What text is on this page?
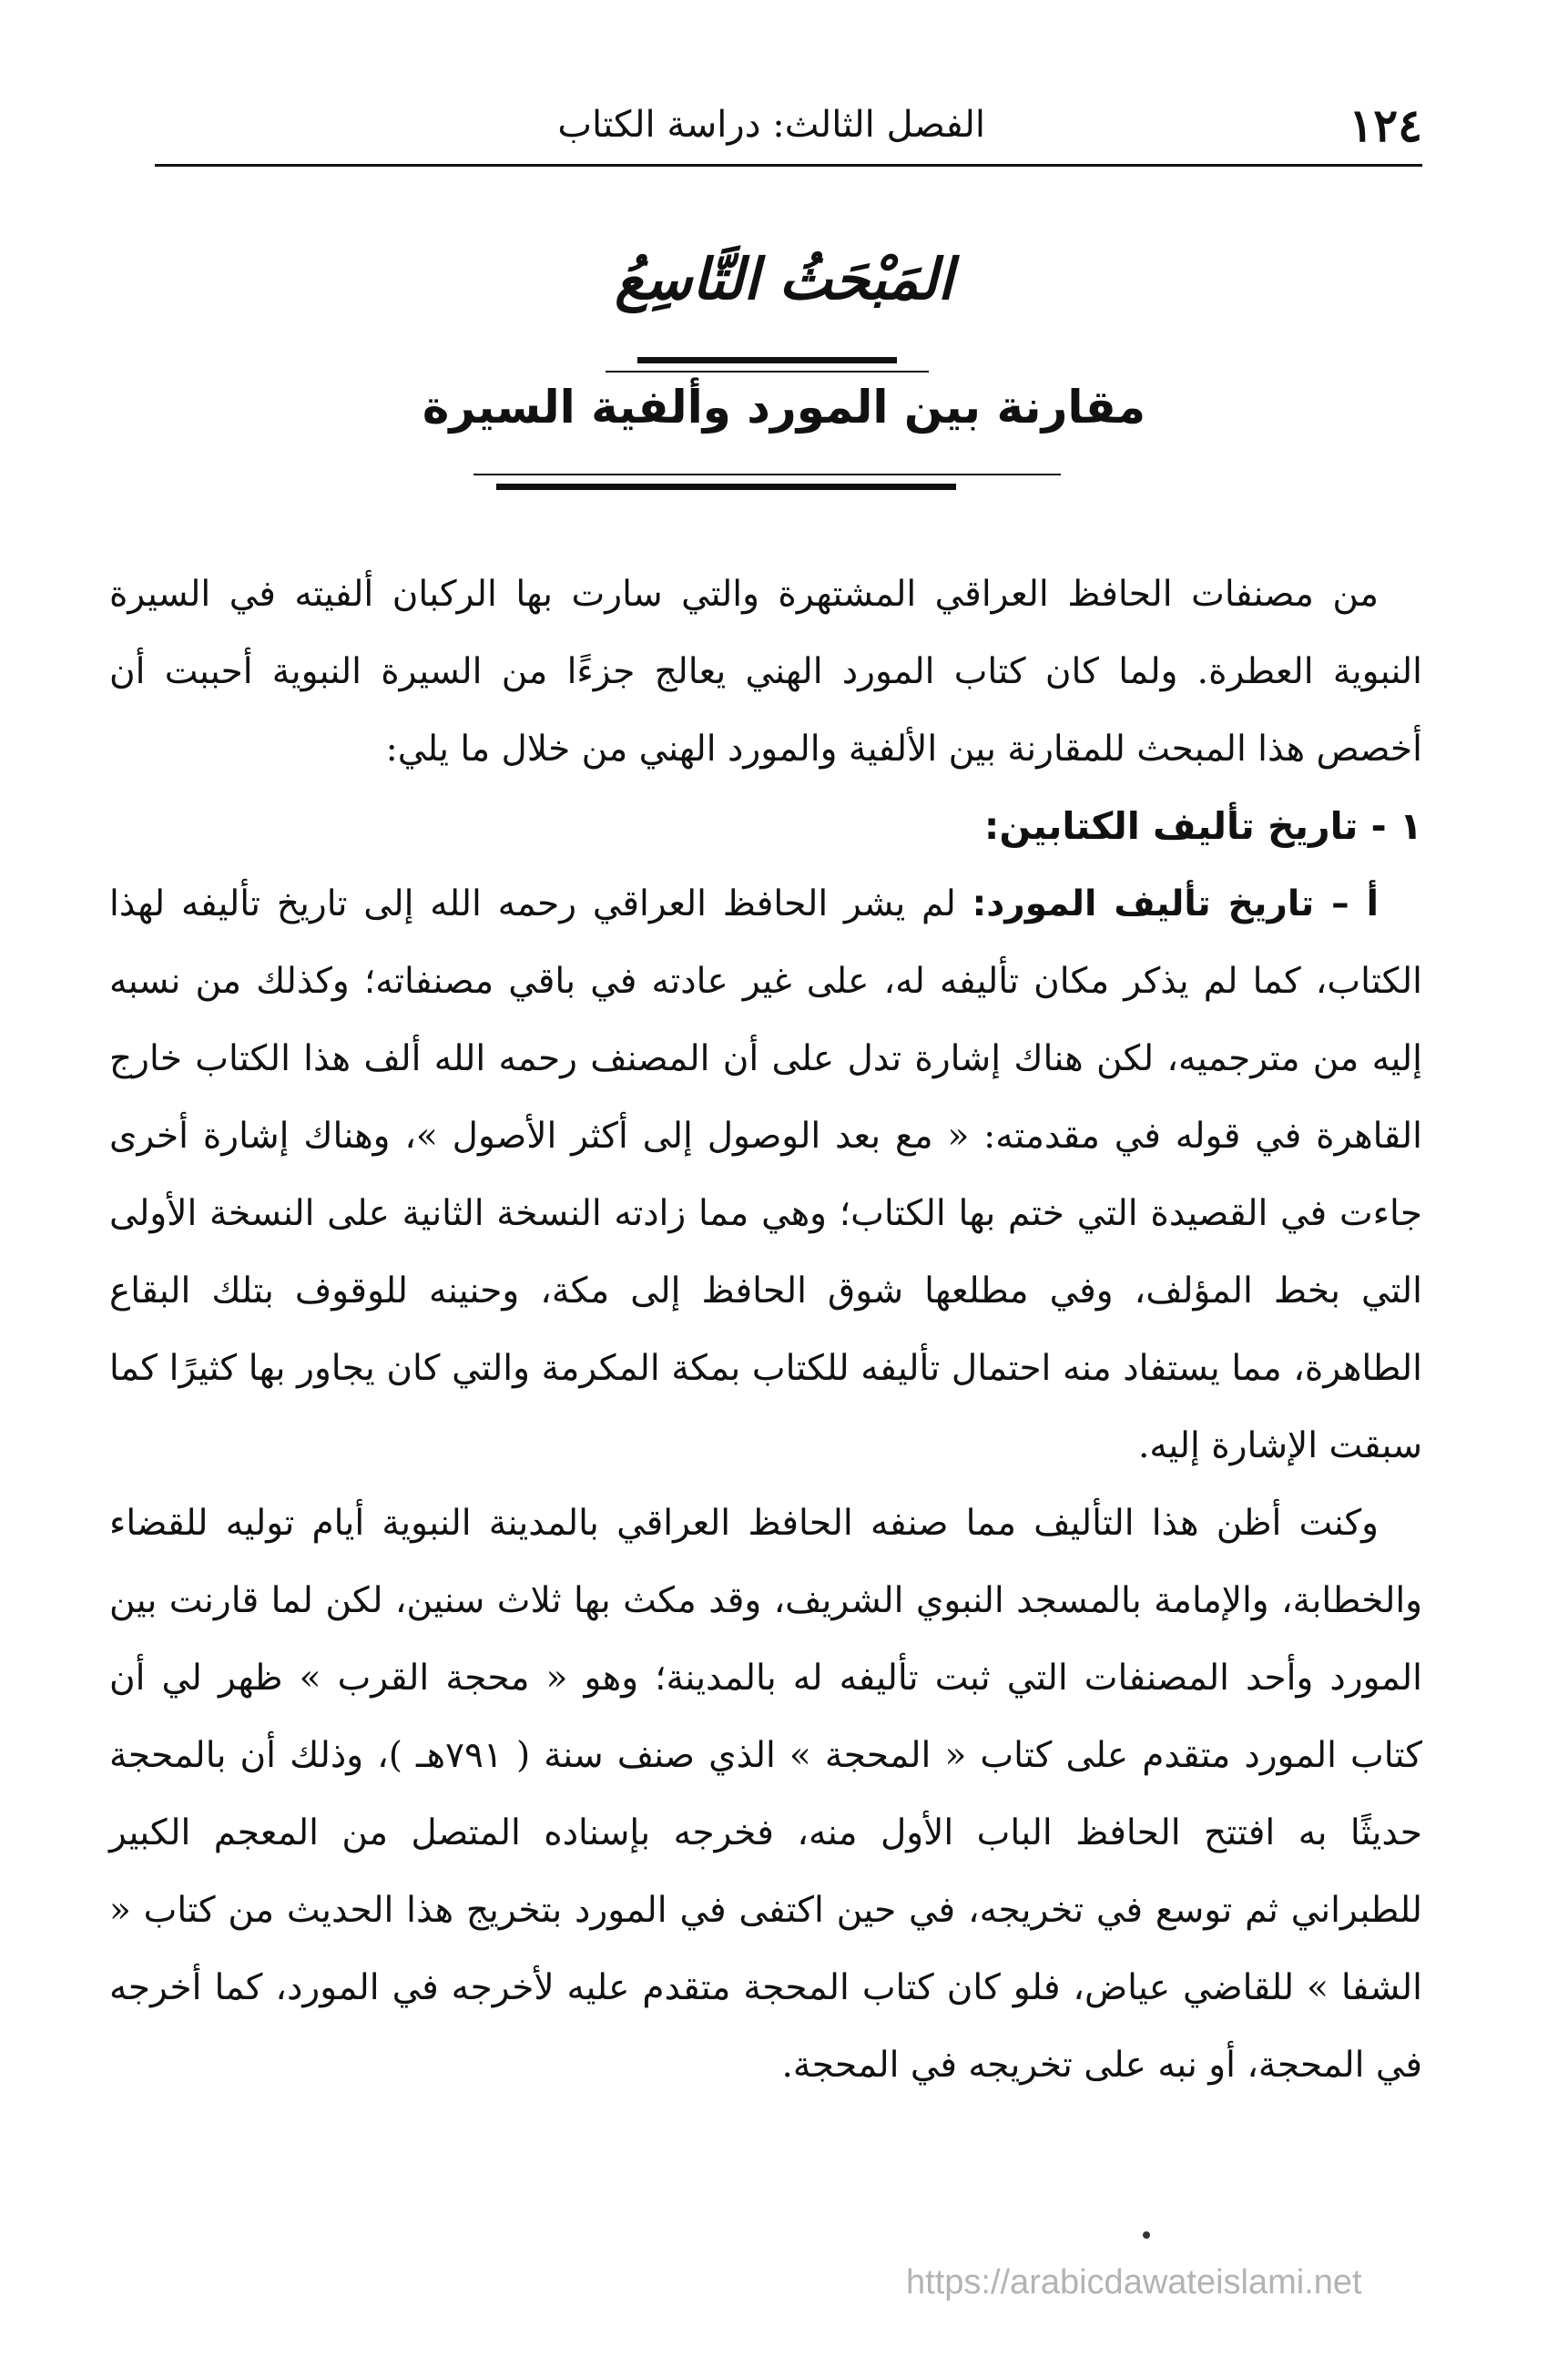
١٢٤
الفصل الثالث: دراسة الكتاب
المَبْحَثُ التَّاسِعُ
مقارنة بين المورد وألفية السيرة

من مصنفات الحافظ العراقي المشتهرة والتي سارت بها الركبان ألفيته في السيرة النبوية العطرة. ولما كان كتاب المورد الهني يعالج جزءًا من السيرة النبوية أحببت أن أخصص هذا المبحث للمقارنة بين الألفية والمورد الهني من خلال ما يلي:

١ - تاريخ تأليف الكتابين:

أ – تاريخ تأليف المورد: لم يشر الحافظ العراقي رحمه الله إلى تاريخ تأليفه لهذا الكتاب، كما لم يذكر مكان تأليفه له، على غير عادته في باقي مصنفاته؛ وكذلك من نسبه إليه من مترجميه، لكن هناك إشارة تدل على أن المصنف رحمه الله ألف هذا الكتاب خارج القاهرة في قوله في مقدمته: « مع بعد الوصول إلى أكثر الأصول »، وهناك إشارة أخرى جاءت في القصيدة التي ختم بها الكتاب؛ وهي مما زادته النسخة الثانية على النسخة الأولى التي بخط المؤلف، وفي مطلعها شوق الحافظ إلى مكة، وحنينه للوقوف بتلك البقاع الطاهرة، مما يستفاد منه احتمال تأليفه للكتاب بمكة المكرمة والتي كان يجاور بها كثيرًا كما سبقت الإشارة إليه.

وكنت أظن هذا التأليف مما صنفه الحافظ العراقي بالمدينة النبوية أيام توليه للقضاء والخطابة، والإمامة بالمسجد النبوي الشريف، وقد مكث بها ثلاث سنين، لكن لما قارنت بين المورد وأحد المصنفات التي ثبت تأليفه له بالمدينة؛ وهو « محجة القرب » ظهر لي أن كتاب المورد متقدم على كتاب « المحجة » الذي صنف سنة ( ٧٩١هـ )، وذلك أن بالمحجة حديثًا به افتتح الحافظ الباب الأول منه، فخرجه بإسناده المتصل من المعجم الكبير للطبراني ثم توسع في تخريجه، في حين اكتفى في المورد بتخريج هذا الحديث من كتاب « الشفا » للقاضي عياض، فلو كان كتاب المحجة متقدم عليه لأخرجه في المورد، كما أخرجه في المحجة، أو نبه على تخريجه في المحجة.

https://arabicdawateislami.net
